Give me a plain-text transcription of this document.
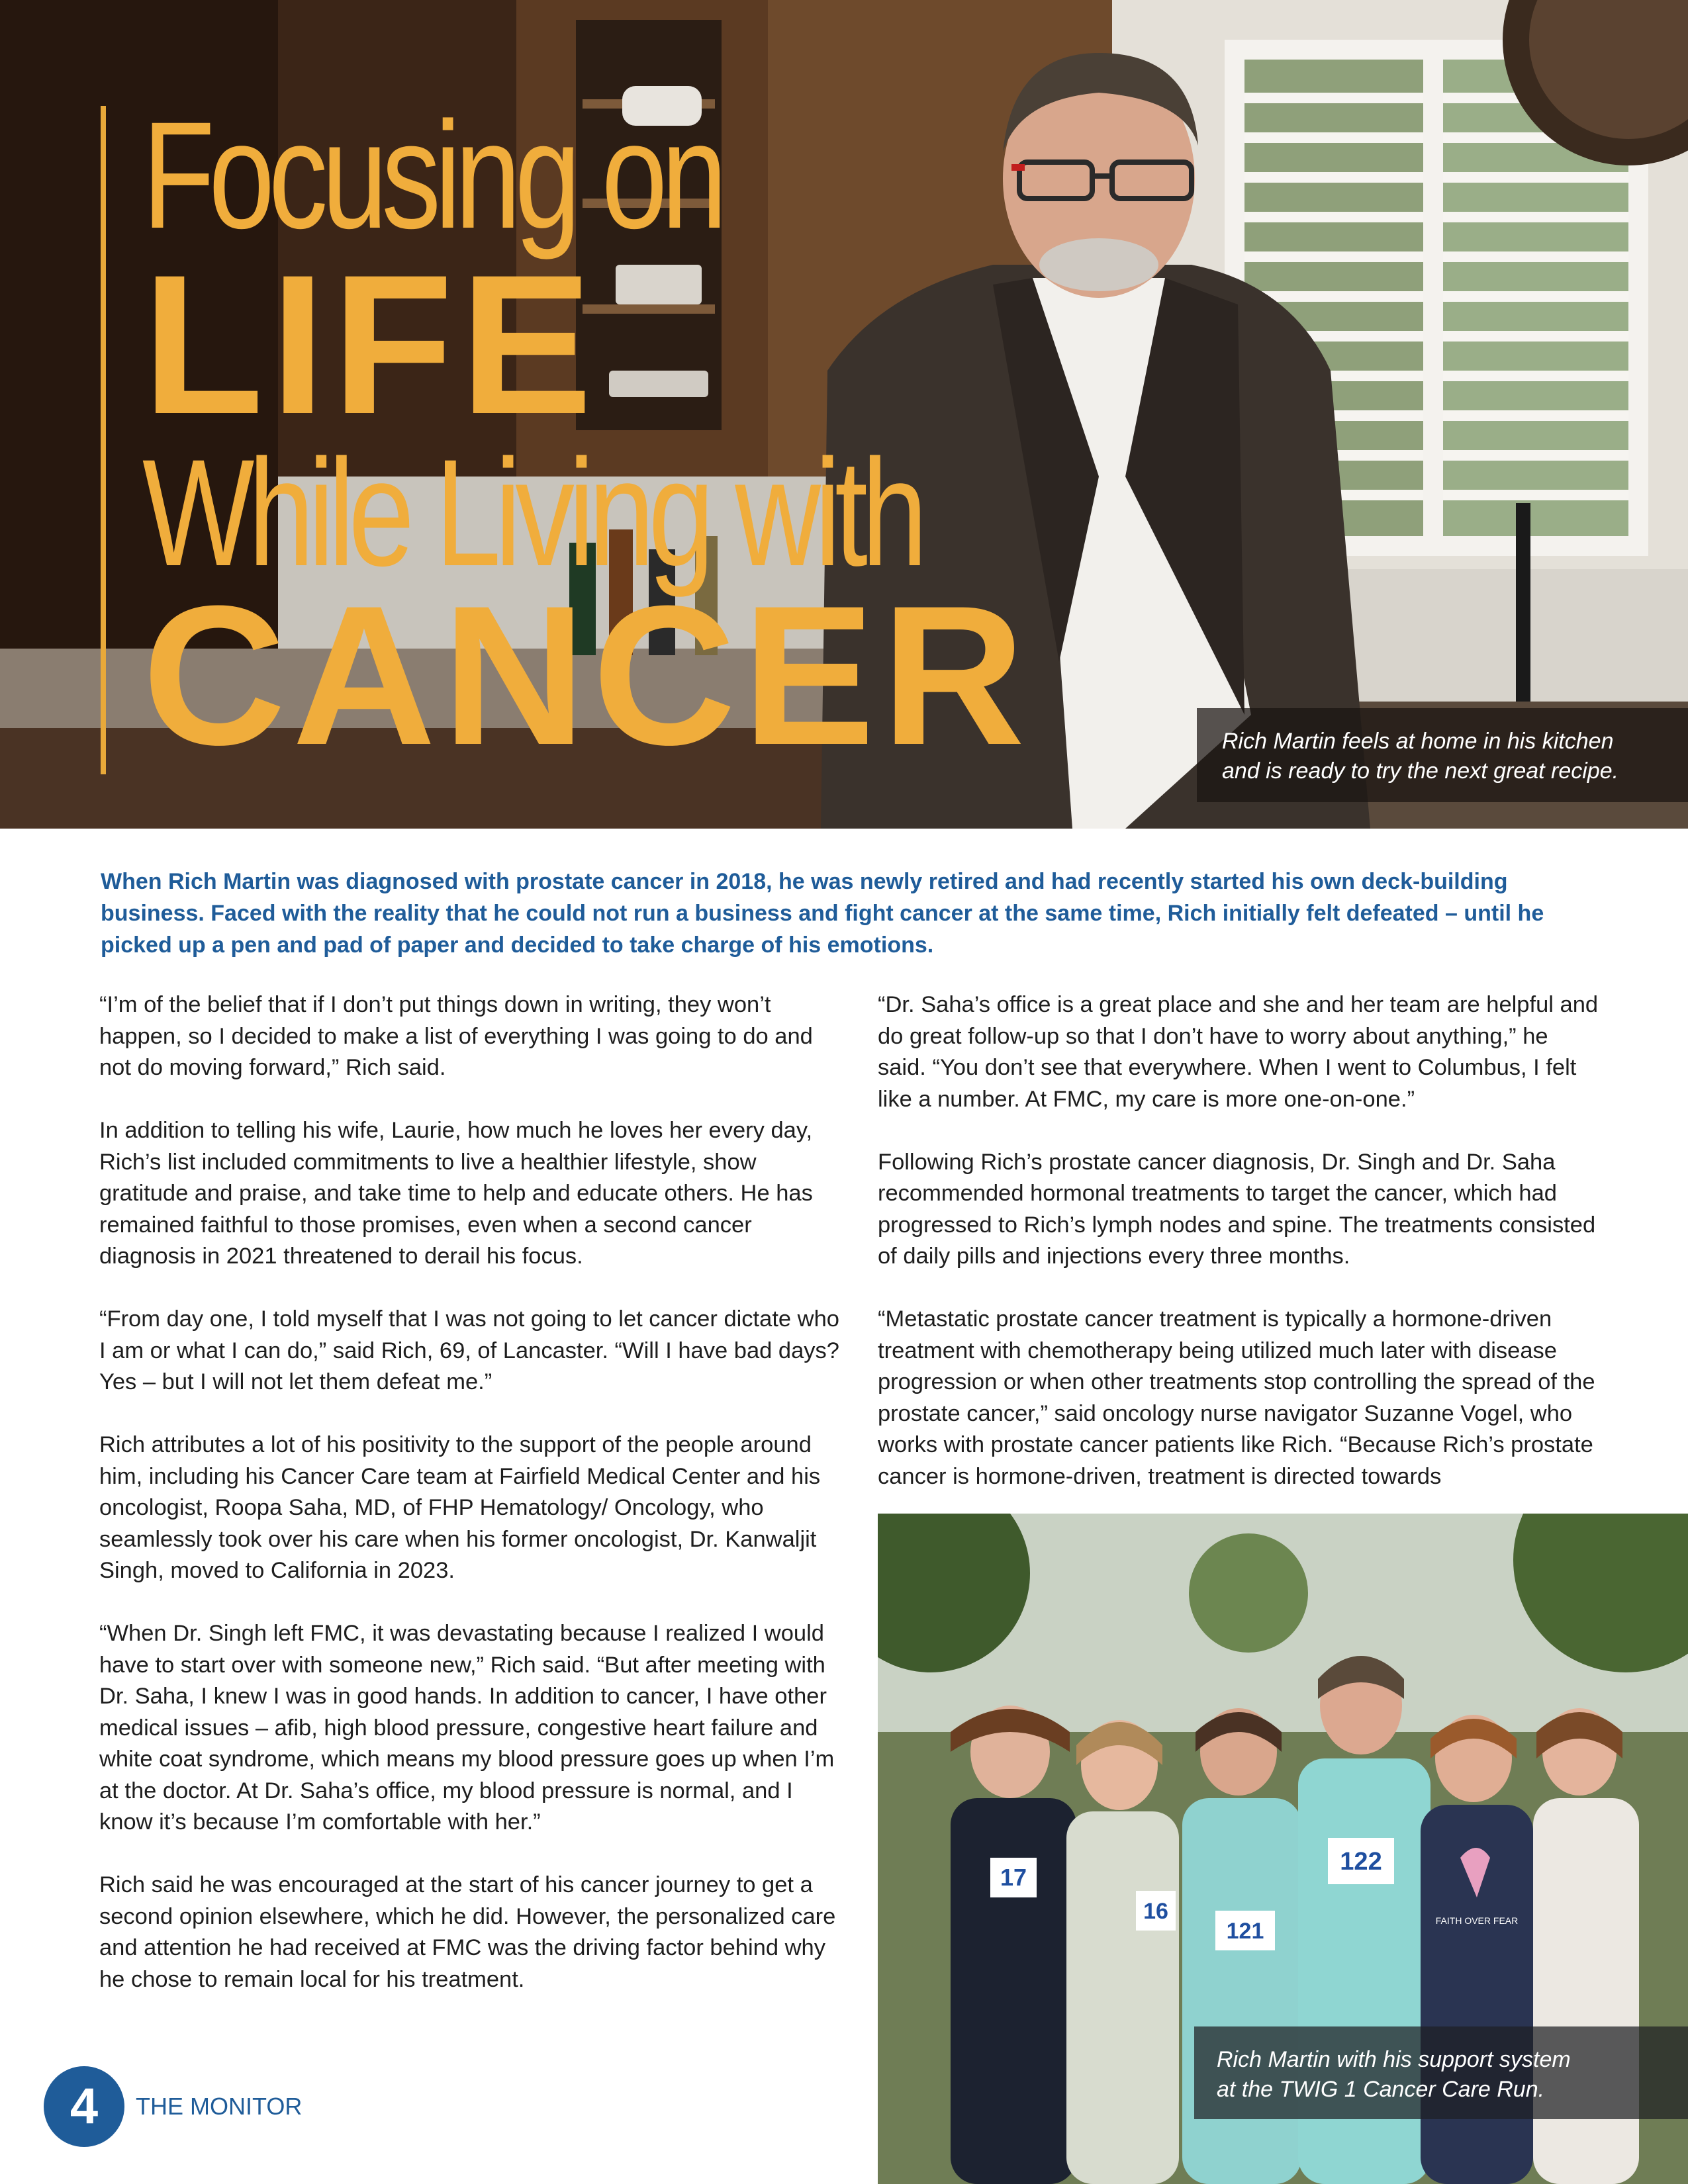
Focusing on
LIFE
While Living with
CANCER	Rich Martin feels at home in his kitchen
and is ready to try the next great recipe.

When Rich Martin was diagnosed with prostate cancer in 2018, he was newly retired and had recently started his own deck-building business. Faced with the reality that he could not run a business and fight cancer at the same time, Rich initially felt defeated – until he picked up a pen and pad of paper and decided to take charge of his emotions.

“I’m of the belief that if I don’t put things down in writing, they won’t happen, so I decided to make a list of everything I was going to do and not do moving forward,” Rich said.

In addition to telling his wife, Laurie, how much he loves her every day, Rich’s list included commitments to live a healthier lifestyle, show gratitude and praise, and take time to help and educate others. He has remained faithful to those promises, even when a second cancer diagnosis in 2021 threatened to derail his focus.

“From day one, I told myself that I was not going to let cancer dictate who I am or what I can do,” said Rich, 69, of Lancaster. “Will I have bad days? Yes – but I will not let them defeat me.”

Rich attributes a lot of his positivity to the support of the people around him, including his Cancer Care team at Fairfield Medical Center and his oncologist, Roopa Saha, MD, of FHP Hematology/ Oncology, who seamlessly took over his care when his former oncologist, Dr. Kanwaljit Singh, moved to California in 2023.

“When Dr. Singh left FMC, it was devastating because I realized I would have to start over with someone new,” Rich said. “But after meeting with Dr. Saha, I knew I was in good hands. In addition to cancer, I have other medical issues – afib, high blood pressure, congestive heart failure and white coat syndrome, which means my blood pressure goes up when I’m at the doctor. At Dr. Saha’s office, my blood pressure is normal, and I know it’s because I’m comfortable with her.”

Rich said he was encouraged at the start of his cancer journey to get a second opinion elsewhere, which he did. However, the personalized care and attention he had received at FMC was the driving factor behind why he chose to remain local for his treatment.

“Dr. Saha’s office is a great place and she and her team are helpful and do great follow-up so that I don’t have to worry about anything,” he said. “You don’t see that everywhere. When I went to Columbus, I felt like a number. At FMC, my care is more one-on-one.”

Following Rich’s prostate cancer diagnosis, Dr. Singh and Dr. Saha recommended hormonal treatments to target the cancer, which had progressed to Rich’s lymph nodes and spine. The treatments consisted of daily pills and injections every three months.

“Metastatic prostate cancer treatment is typically a hormone-driven treatment with chemotherapy being utilized much later with disease progression or when other treatments stop controlling the spread of the prostate cancer,” said oncology nurse navigator Suzanne Vogel, who works with prostate cancer patients like Rich. “Because Rich’s prostate cancer is hormone-driven, treatment is directed towards

17
16
121
122
FAITH OVER FEAR

Rich Martin with his support system
at the TWIG 1 Cancer Care Run.

4	THE MONITOR
